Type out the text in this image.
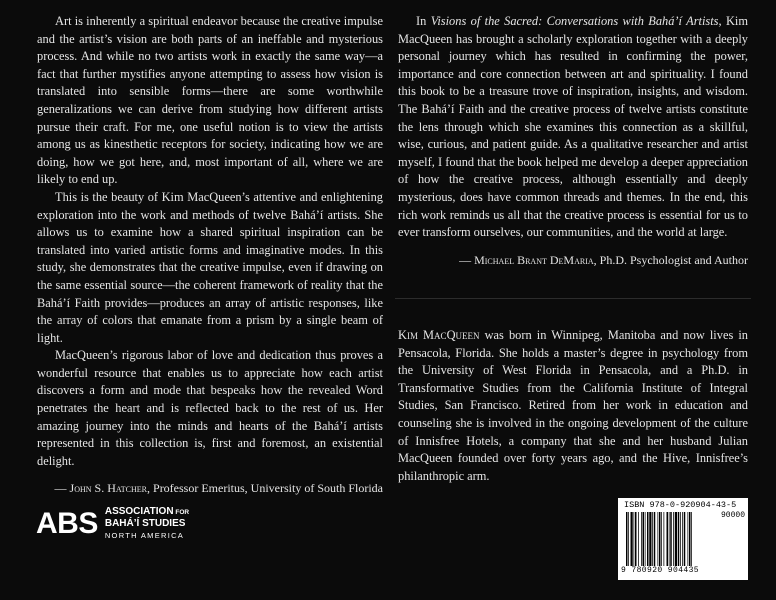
Art is inherently a spiritual endeavor because the creative impulse and the artist’s vision are both parts of an ineffable and mysterious process. And while no two artists work in exactly the same way—a fact that further mystifies anyone attempting to assess how vision is translated into sensible forms—there are some worthwhile generalizations we can derive from studying how different artists pursue their craft. For me, one useful notion is to view the artists among us as kinesthetic receptors for society, indicating how we are doing, how we got here, and, most important of all, where we are likely to end up.

This is the beauty of Kim MacQueen’s attentive and enlightening exploration into the work and methods of twelve Bahá’í artists. She allows us to examine how a shared spiritual inspiration can be translated into varied artistic forms and imaginative modes. In this study, she demonstrates that the creative impulse, even if drawing on the same essential source—the coherent framework of reality that the Bahá’í Faith provides—produces an array of artistic responses, like the array of colors that emanate from a prism by a single beam of light.

MacQueen’s rigorous labor of love and dedication thus proves a wonderful resource that enables us to appreciate how each artist discovers a form and mode that bespeaks how the revealed Word penetrates the heart and is reflected back to the rest of us. Her amazing journey into the minds and hearts of the Bahá’í artists represented in this collection is, first and foremost, an existential delight.

— John S. Hatcher, Professor Emeritus, University of South Florida

In Visions of the Sacred: Conversations with Bahá’í Artists, Kim MacQueen has brought a scholarly exploration together with a deeply personal journey which has resulted in confirming the power, importance and core connection between art and spirituality. I found this book to be a treasure trove of inspiration, insights, and wisdom. The Bahá’í Faith and the creative process of twelve artists constitute the lens through which she examines this connection as a skillful, wise, curious, and patient guide. As a qualitative researcher and artist myself, I found that the book helped me develop a deeper appreciation of how the creative process, although essentially and deeply mysterious, does have common threads and themes. In the end, this rich work reminds us all that the creative process is essential for us to ever transform ourselves, our communities, and the world at large.

— Michael Brant DeMaria, Ph.D. Psychologist and Author

Kim MacQueen was born in Winnipeg, Manitoba and now lives in Pensacola, Florida. She holds a master’s degree in psychology from the University of West Florida in Pensacola, and a Ph.D. in Transformative Studies from the California Institute of Integral Studies, San Francisco. Retired from her work in education and counseling she is involved in the ongoing development of the culture of Innisfree Hotels, a company that she and her husband Julian MacQueen founded over forty years ago, and the Hive, Innisfree’s philanthropic arm.

ABS ASSOCIATION FOR
BAHÁ’Í STUDIES
NORTH AMERICA
ISBN 978-0-920904-43-5
90000
9 780920 904435
